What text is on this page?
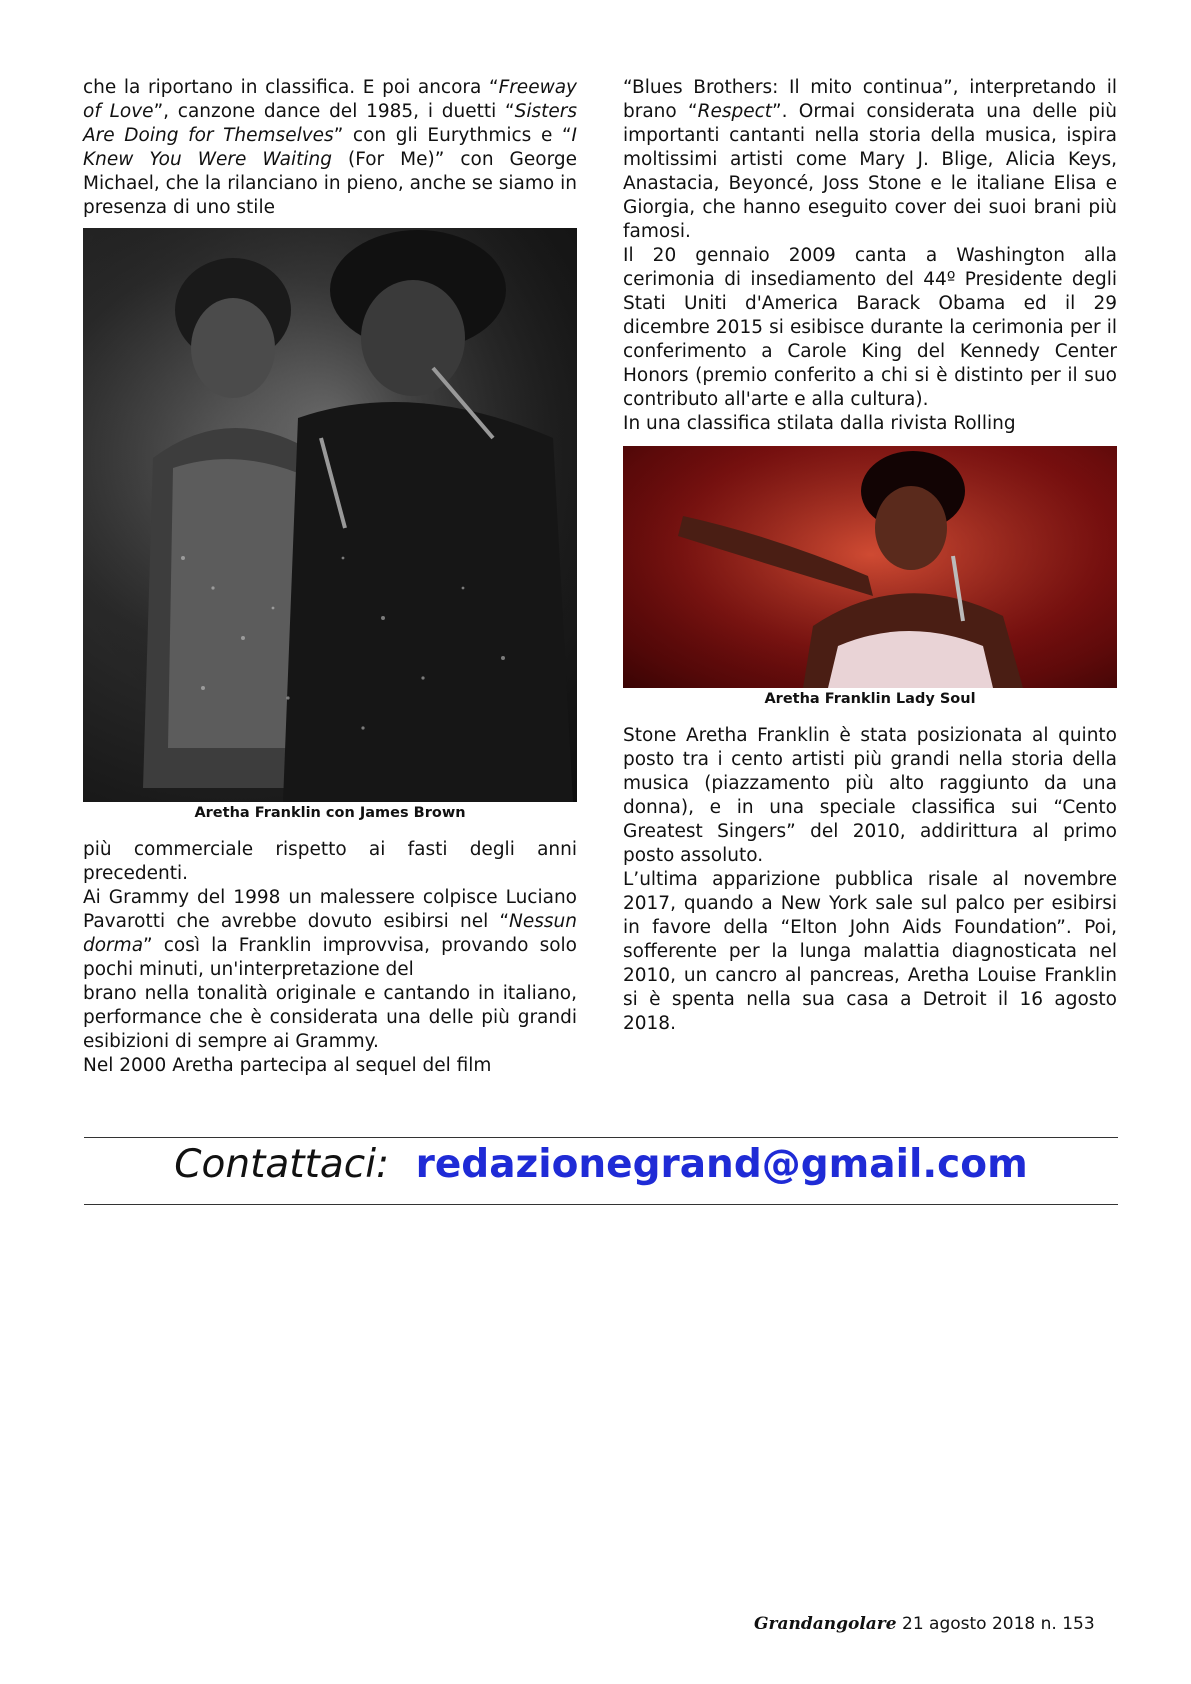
che la riportano in classifica. E poi ancora “Freeway of Love”, canzone dance del 1985, i duetti “Sisters Are Doing for Themselves” con gli Eurythmics e “I Knew You Were Waiting (For Me)” con George Michael, che la rilanciano in pieno, anche se siamo in presenza di uno stile

Aretha Franklin con James Brown

più commerciale rispetto ai fasti degli anni precedenti.

Ai Grammy del 1998 un malessere colpisce Luciano Pavarotti che avrebbe dovuto esibirsi nel “Nessun dorma” così la Franklin improvvisa, provando solo pochi minuti, un'interpretazione del

brano nella tonalità originale e cantando in italiano, performance che è considerata una delle più grandi esibizioni di sempre ai Grammy.

Nel 2000 Aretha partecipa al sequel del film

“Blues Brothers: Il mito continua”, interpretando il brano “Respect”. Ormai considerata una delle più importanti cantanti nella storia della musica, ispira moltissimi artisti come Mary J. Blige, Alicia Keys, Anastacia, Beyoncé, Joss Stone e le italiane Elisa e Giorgia, che hanno eseguito cover dei suoi brani più famosi.

Il 20 gennaio 2009 canta a Washington alla cerimonia di insediamento del 44º Presidente degli Stati Uniti d'America Barack Obama ed il 29 dicembre 2015 si esibisce durante la cerimonia per il conferimento a Carole King del Kennedy Center Honors (premio conferito a chi si è distinto per il suo contributo all'arte e alla cultura).

In una classifica stilata dalla rivista Rolling

Aretha Franklin Lady Soul

Stone Aretha Franklin è stata posizionata al quinto posto tra i cento artisti più grandi nella storia della musica (piazzamento più alto raggiunto da una donna), e in una speciale classifica sui “Cento Greatest Singers” del 2010, addirittura al primo posto assoluto.

L’ultima apparizione pubblica risale al novembre 2017, quando a New York sale sul palco per esibirsi in favore della “Elton John Aids Foundation”. Poi, sofferente per la lunga malattia diagnosticata nel 2010, un cancro al pancreas, Aretha Louise Franklin si è spenta nella sua casa a Detroit il 16 agosto 2018.

Contattaci: redazionegrand@gmail.com
Grandangolare 21 agosto 2018 n. 153
